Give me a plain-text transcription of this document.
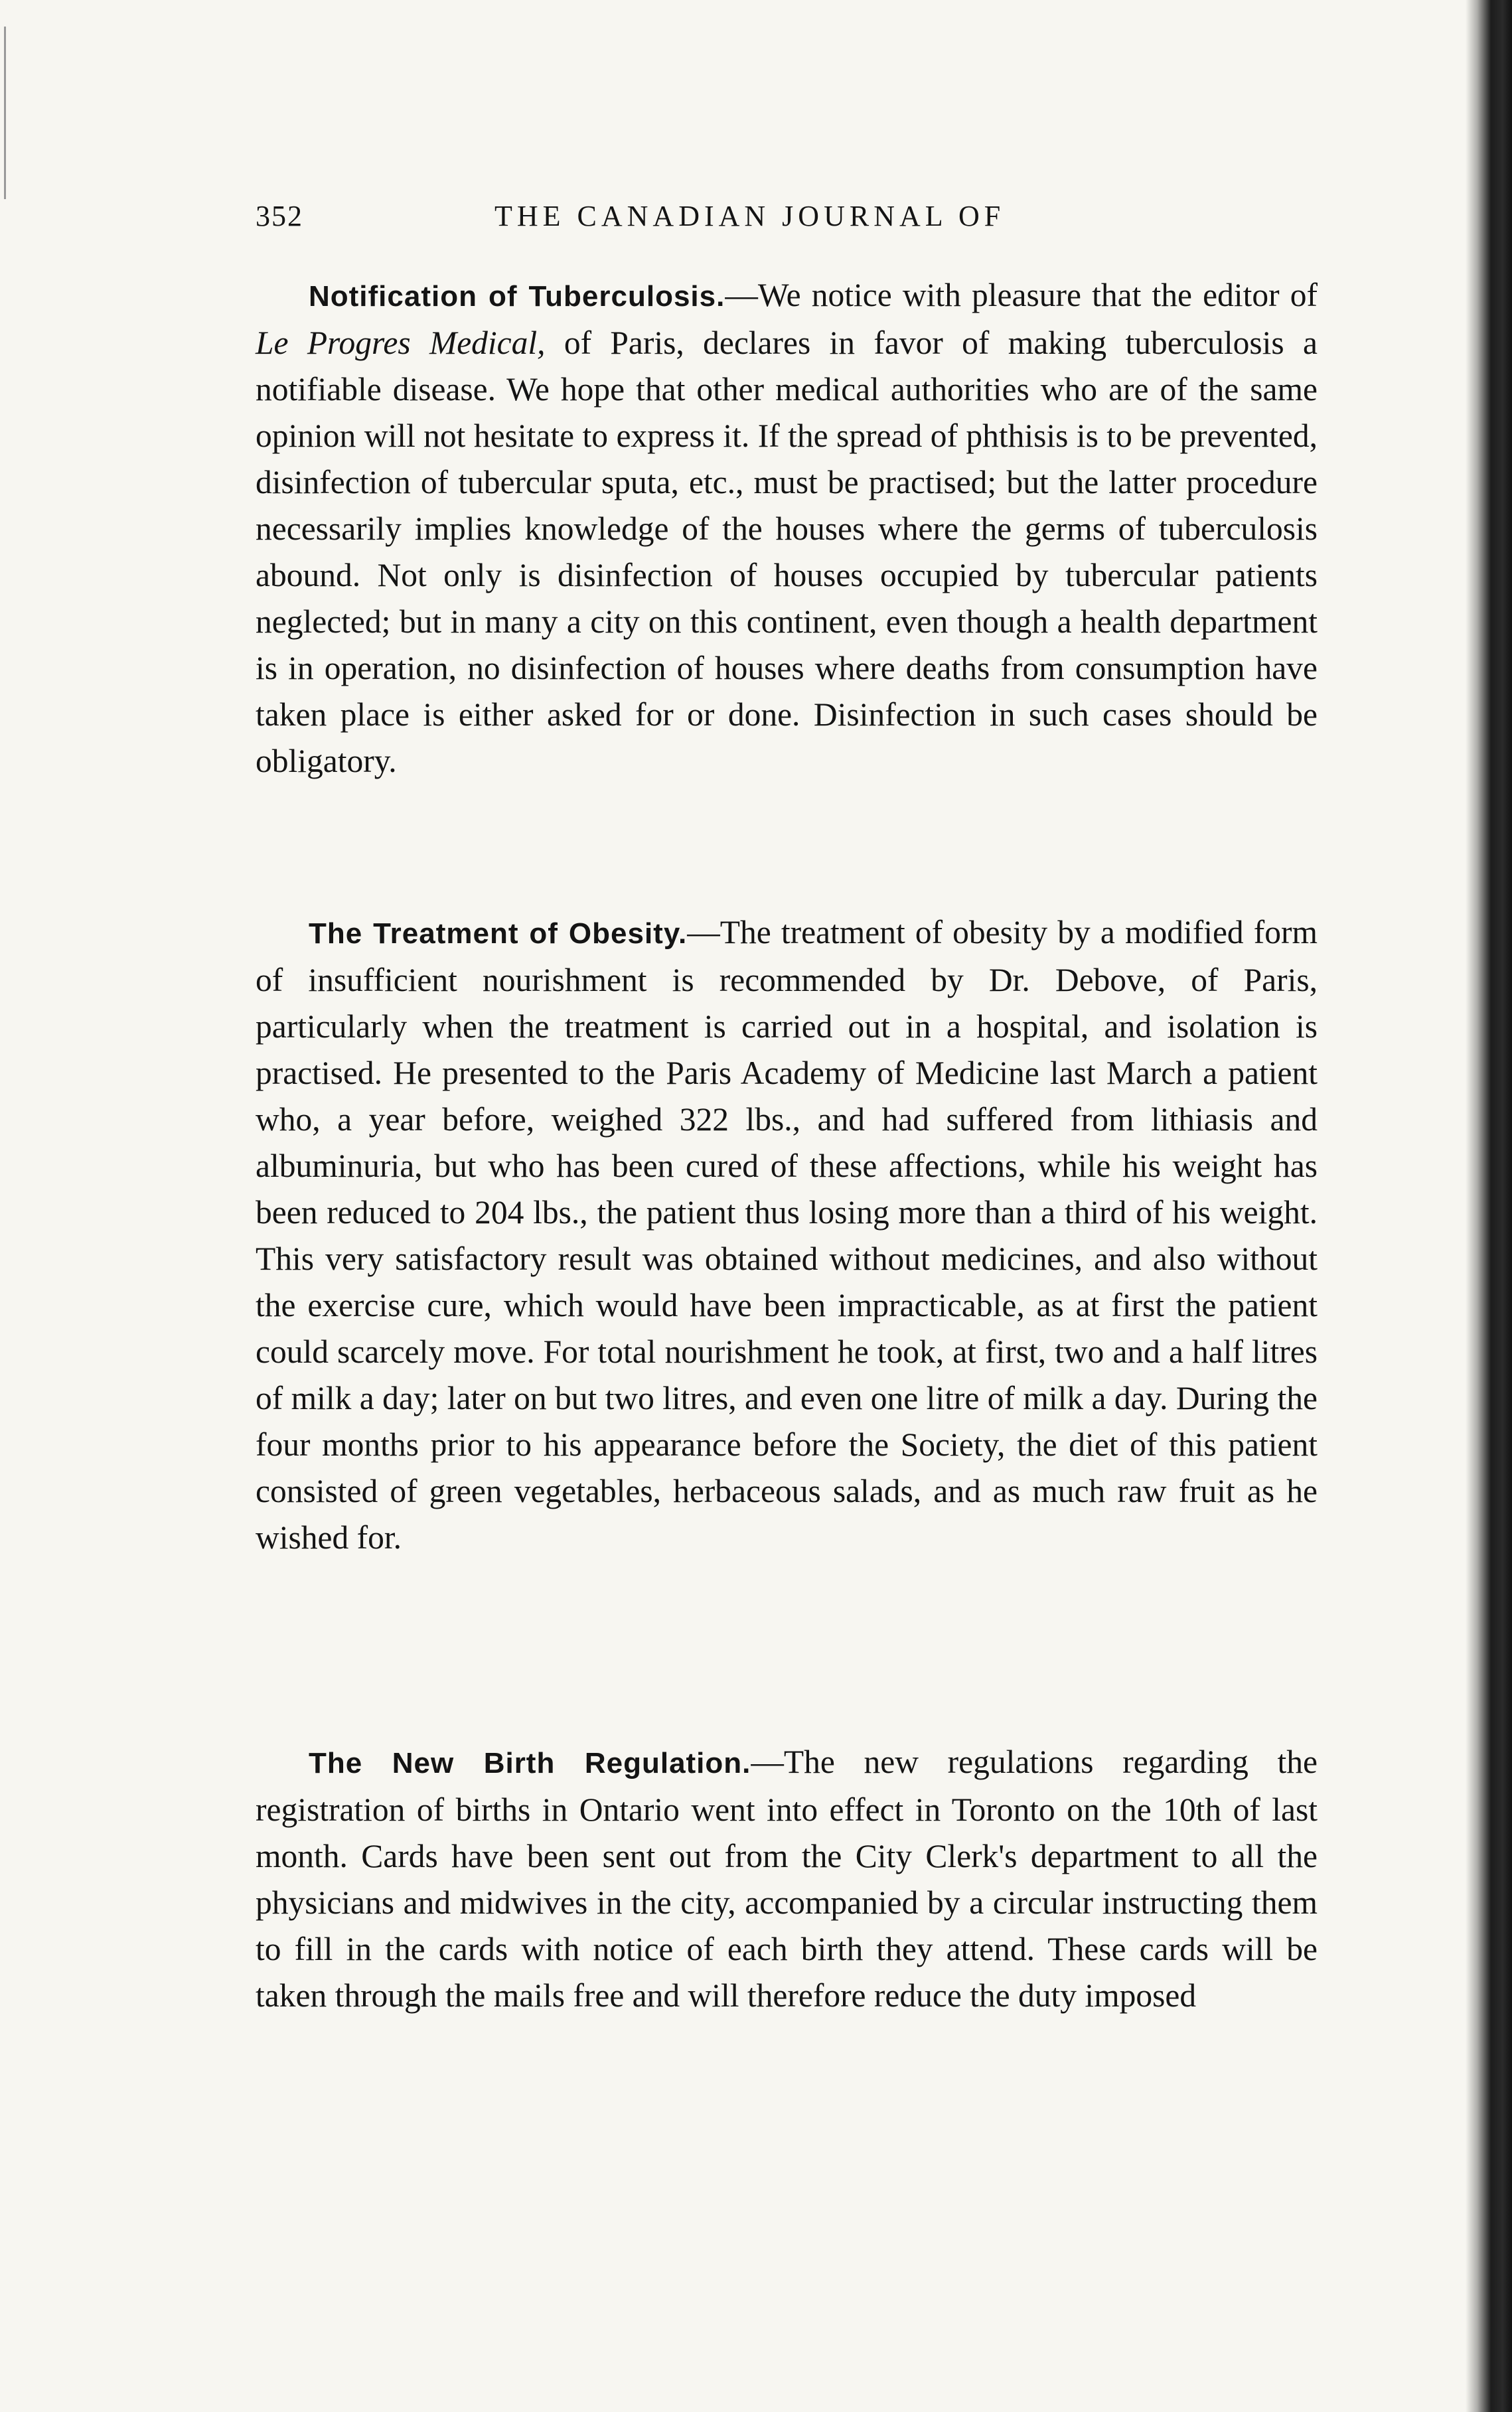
352	THE CANADIAN JOURNAL OF

Notification of Tuberculosis.—We notice with pleasure that the editor of Le Progres Medical, of Paris, declares in favor of making tuberculosis a notifiable disease. We hope that other medical authorities who are of the same opinion will not hesitate to express it. If the spread of phthisis is to be prevented, disinfection of tubercular sputa, etc., must be practised; but the latter procedure necessarily implies knowledge of the houses where the germs of tuberculosis abound. Not only is disinfection of houses occupied by tubercular patients neglected; but in many a city on this continent, even though a health department is in operation, no disinfection of houses where deaths from consumption have taken place is either asked for or done. Disinfection in such cases should be obligatory.

The Treatment of Obesity.—The treatment of obesity by a modified form of insufficient nourishment is recommended by Dr. Debove, of Paris, particularly when the treatment is carried out in a hospital, and isolation is practised. He presented to the Paris Academy of Medicine last March a patient who, a year before, weighed 322 lbs., and had suffered from lithiasis and albuminuria, but who has been cured of these affections, while his weight has been reduced to 204 lbs., the patient thus losing more than a third of his weight. This very satisfactory result was obtained without medicines, and also without the exercise cure, which would have been impracticable, as at first the patient could scarcely move. For total nourishment he took, at first, two and a half litres of milk a day; later on but two litres, and even one litre of milk a day. During the four months prior to his appearance before the Society, the diet of this patient consisted of green vegetables, herbaceous salads, and as much raw fruit as he wished for.

The New Birth Regulation.—The new regulations regarding the registration of births in Ontario went into effect in Toronto on the 10th of last month. Cards have been sent out from the City Clerk's department to all the physicians and midwives in the city, accompanied by a circular instructing them to fill in the cards with notice of each birth they attend. These cards will be taken through the mails free and will therefore reduce the duty imposed
